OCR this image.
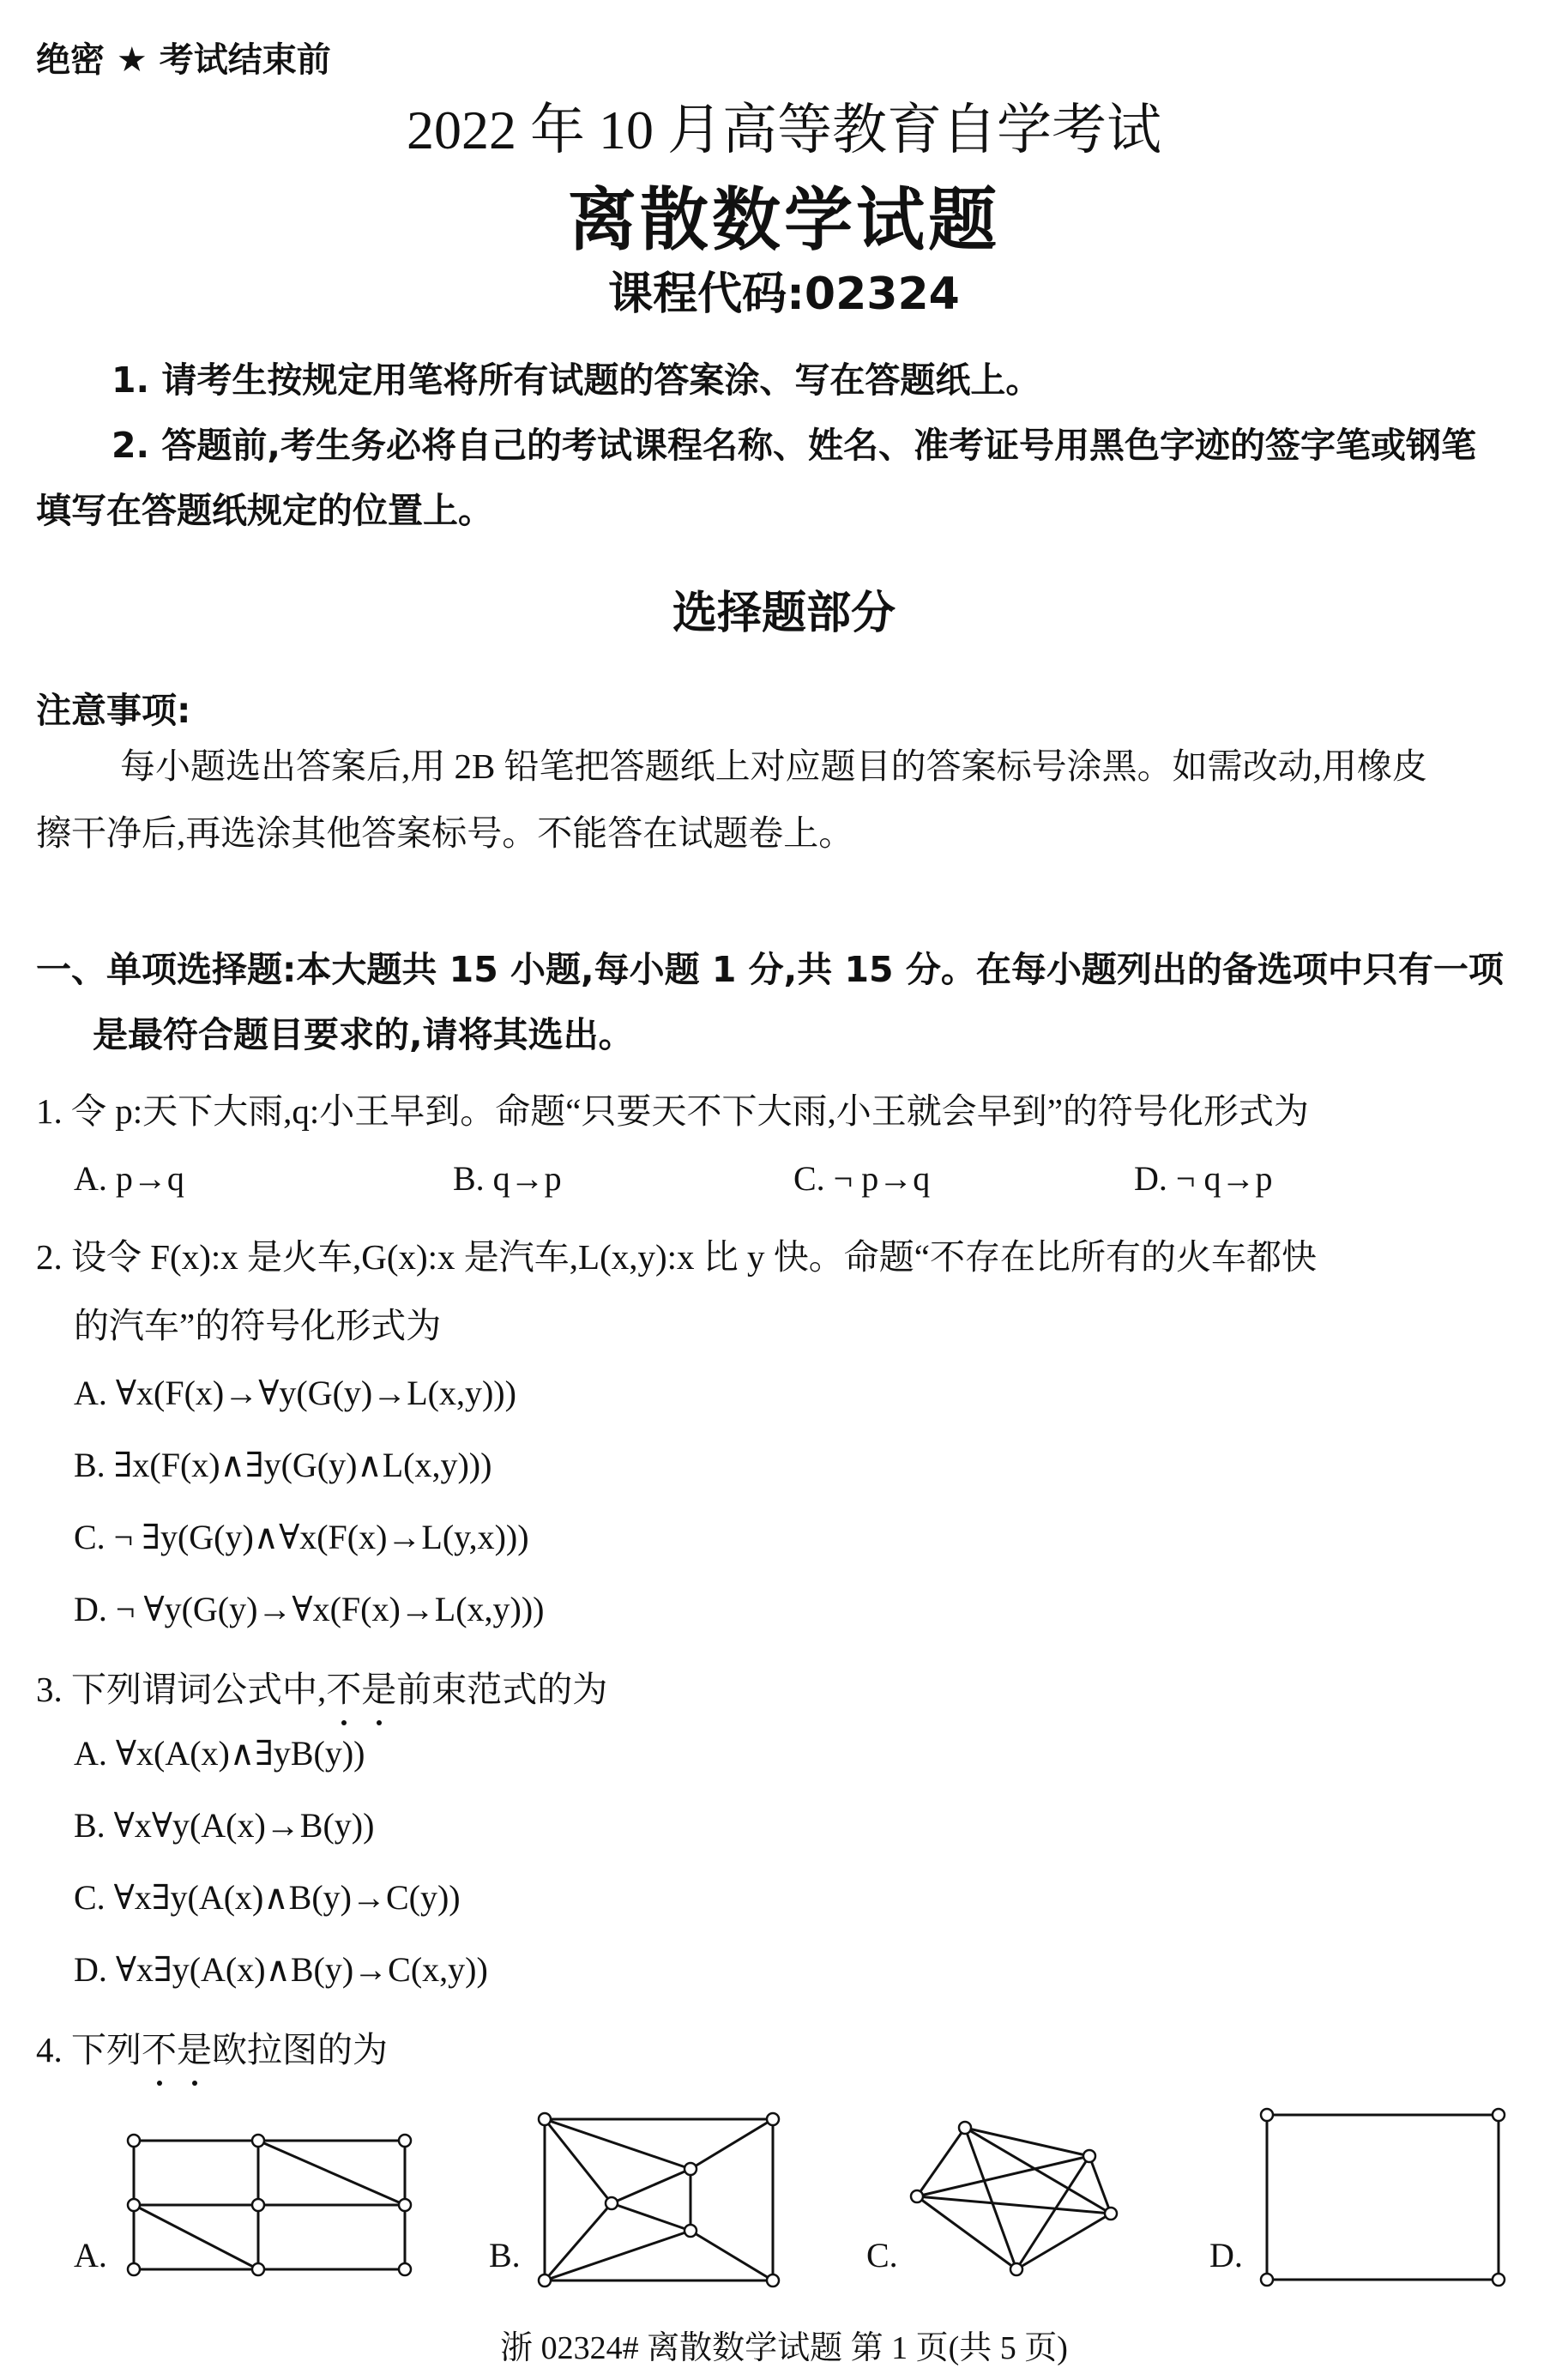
绝密 ★ 考试结束前
2022 年 10 月高等教育自学考试
离散数学试题
课程代码:02324
1. 请考生按规定用笔将所有试题的答案涂、写在答题纸上。
2. 答题前,考生务必将自己的考试课程名称、姓名、准考证号用黑色字迹的签字笔或钢笔
填写在答题纸规定的位置上。
选择题部分
注意事项:
每小题选出答案后,用 2B 铅笔把答题纸上对应题目的答案标号涂黑。如需改动,用橡皮
擦干净后,再选涂其他答案标号。不能答在试题卷上。
一、单项选择题:本大题共 15 小题,每小题 1 分,共 15 分。在每小题列出的备选项中只有一项
是最符合题目要求的,请将其选出。
1. 令 p:天下大雨,q:小王早到。命题“只要天不下大雨,小王就会早到”的符号化形式为
A. p→q	B. q→p	C. ¬ p→q	D. ¬ q→p
2. 设令 F(x):x 是火车,G(x):x 是汽车,L(x,y):x 比 y 快。命题“不存在比所有的火车都快
的汽车”的符号化形式为
A. ∀x(F(x)→∀y(G(y)→L(x,y)))
B. ∃x(F(x)∧∃y(G(y)∧L(x,y)))
C. ¬ ∃y(G(y)∧∀x(F(x)→L(y,x)))
D. ¬ ∀y(G(y)→∀x(F(x)→L(x,y)))
3. 下列谓词公式中,不是前束范式的为
A. ∀x(A(x)∧∃yB(y))
B. ∀x∀y(A(x)→B(y))
C. ∀x∃y(A(x)∧B(y)→C(y))
D. ∀x∃y(A(x)∧B(y)→C(x,y))
4. 下列不是欧拉图的为
A.	B.	C.	D.
浙 02324# 离散数学试题 第 1 页(共 5 页)
